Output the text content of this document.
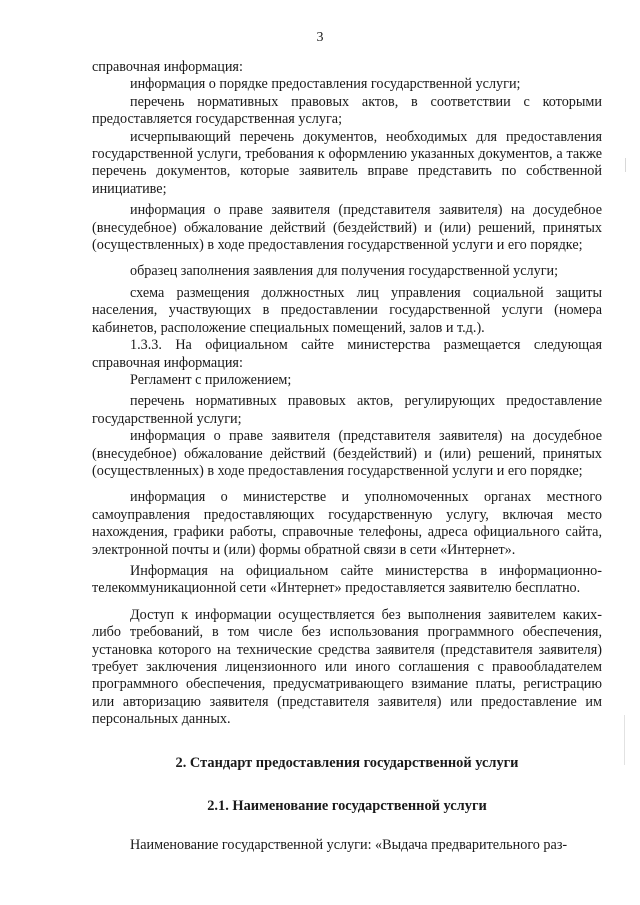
3

справочная информация:

информация о порядке предоставления государственной услуги;

перечень нормативных правовых актов, в соответствии с которыми предоставляется государственная услуга;

исчерпывающий перечень документов, необходимых для предоставления государственной услуги, требования к оформлению указанных документов, а также перечень документов, которые заявитель вправе представить по собственной инициативе;

информация о праве заявителя (представителя заявителя) на досудебное (внесудебное) обжалование действий (бездействий) и (или) решений, принятых (осуществленных) в ходе предоставления государственной услуги и его порядке;

образец заполнения заявления для получения государственной услуги;

схема размещения должностных лиц управления социальной защиты населения, участвующих в предоставлении государственной услуги (номера кабинетов, расположение специальных помещений, залов и т.д.).

1.3.3. На официальном сайте министерства размещается следующая справочная информация:

Регламент с приложением;

перечень нормативных правовых актов, регулирующих предоставление государственной услуги;

информация о праве заявителя (представителя заявителя) на досудебное (внесудебное) обжалование действий (бездействий) и (или) решений, принятых (осуществленных) в ходе предоставления государственной услуги и его порядке;

информация о министерстве и уполномоченных органах местного самоуправления предоставляющих государственную услугу, включая место нахождения, графики работы, справочные телефоны, адреса официального сайта, электронной почты и (или) формы обратной связи в сети «Интернет».

Информация на официальном сайте министерства в информационно-телекоммуникационной сети «Интернет» предоставляется заявителю бесплатно.

Доступ к информации осуществляется без выполнения заявителем каких-либо требований, в том числе без использования программного обеспечения, установка которого на технические средства заявителя (представителя заявителя) требует заключения лицензионного или иного соглашения с правообладателем программного обеспечения, предусматривающего взимание платы, регистрацию или авторизацию заявителя (представителя заявителя) или предоставление им персональных данных.

2. Стандарт предоставления государственной услуги

2.1. Наименование государственной услуги

Наименование государственной услуги: «Выдача предварительного раз-
